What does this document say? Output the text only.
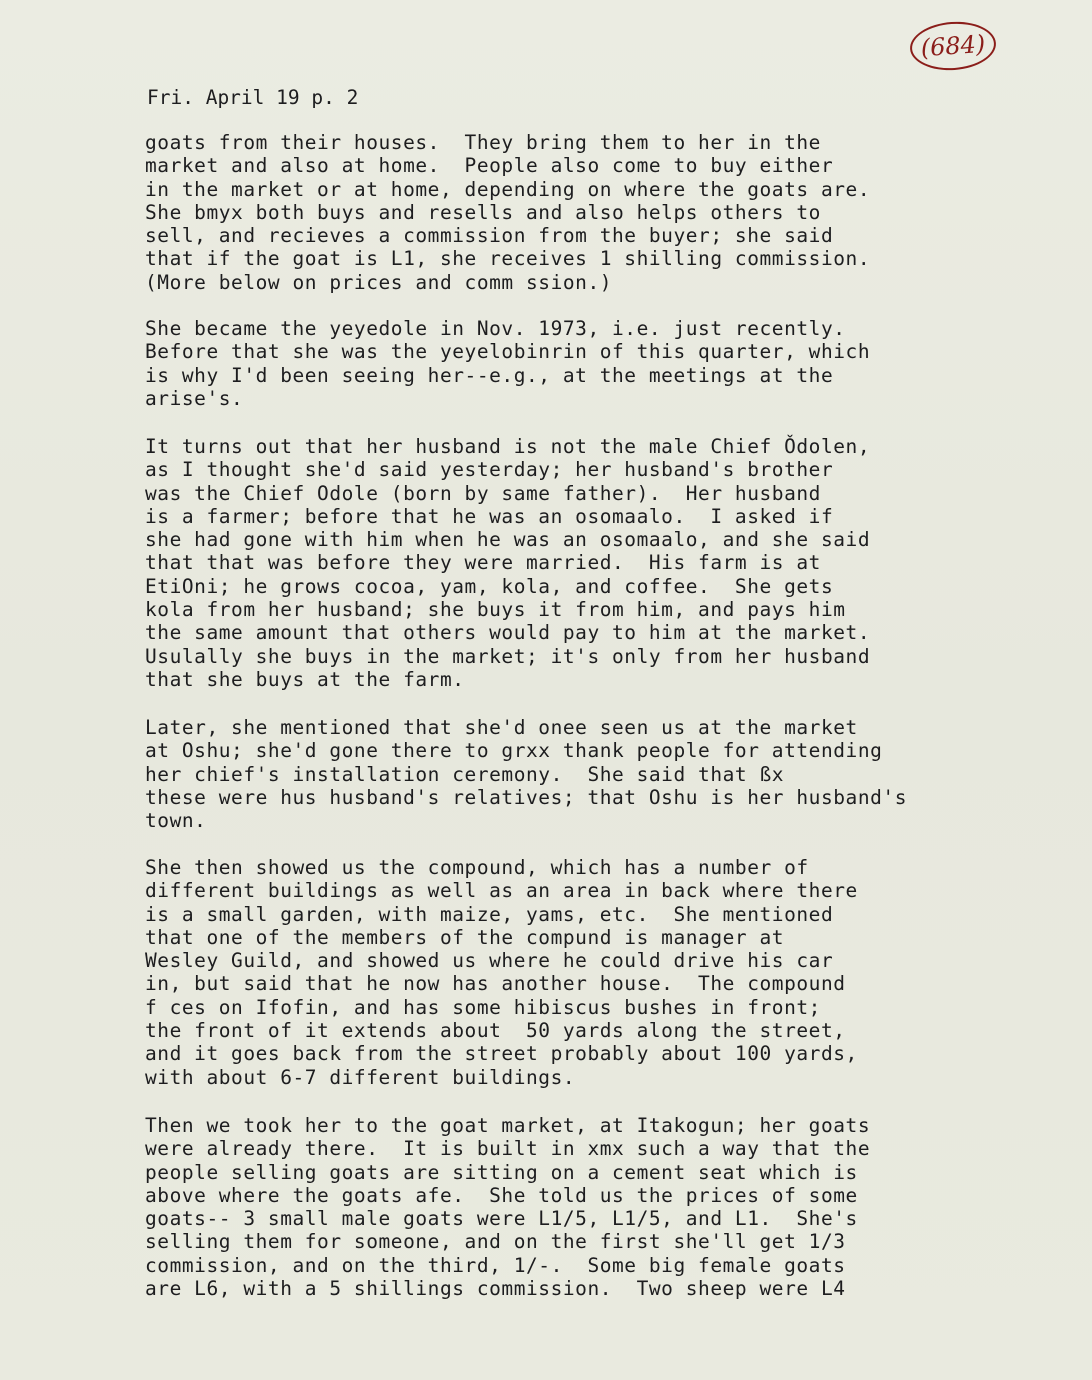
(684)
Fri. April 19 p. 2

goats from their houses.  They bring them to her in the
market and also at home.  People also come to buy either
in the market or at home, depending on where the goats are.
She bmyx both buys and resells and also helps others to
sell, and recieves a commission from the buyer; she said
that if the goat is L1, she receives 1 shilling commission.
(More below on prices and comm ssion.)

She became the yeyedole in Nov. 1973, i.e. just recently.
Before that she was the yeyelobinrin of this quarter, which
is why I'd been seeing her--e.g., at the meetings at the
arise's.

It turns out that her husband is not the male Chief Ǒdolen,
as I thought she'd said yesterday; her husband's brother
was the Chief Odole (born by same father).  Her husband
is a farmer; before that he was an osomaalo.  I asked if
she had gone with him when he was an osomaalo, and she said
that that was before they were married.  His farm is at
EtiOni; he grows cocoa, yam, kola, and coffee.  She gets
kola from her husband; she buys it from him, and pays him
the same amount that others would pay to him at the market.
Usulally she buys in the market; it's only from her husband
that she buys at the farm.

Later, she mentioned that she'd onee seen us at the market
at Oshu; she'd gone there to grxx thank people for attending
her chief's installation ceremony.  She said that ßx
these were hus husband's relatives; that Oshu is her husband's
town.

She then showed us the compound, which has a number of
different buildings as well as an area in back where there
is a small garden, with maize, yams, etc.  She mentioned
that one of the members of the compund is manager at
Wesley Guild, and showed us where he could drive his car
in, but said that he now has another house.  The compound
f ces on Ifofin, and has some hibiscus bushes in front;
the front of it extends about  50 yards along the street,
and it goes back from the street probably about 100 yards,
with about 6-7 different buildings.

Then we took her to the goat market, at Itakogun; her goats
were already there.  It is built in xmx such a way that the
people selling goats are sitting on a cement seat which is
above where the goats afe.  She told us the prices of some
goats-- 3 small male goats were L1/5, L1/5, and L1.  She's
selling them for someone, and on the first she'll get 1/3
commission, and on the third, 1/-.  Some big female goats
are L6, with a 5 shillings commission.  Two sheep were L4
